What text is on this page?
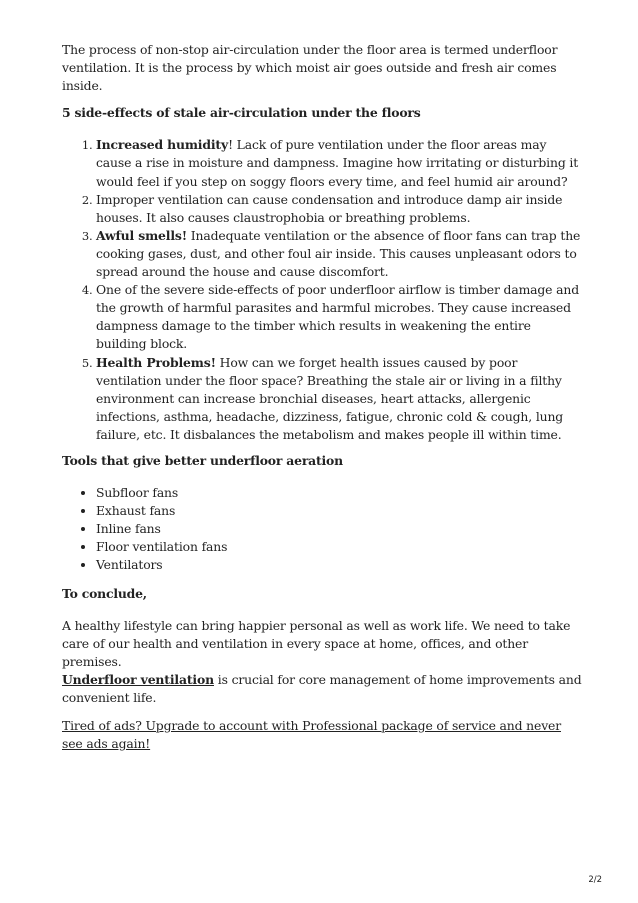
The process of non-stop air-circulation under the floor area is termed underfloor ventilation. It is the process by which moist air goes outside and fresh air comes inside.

5 side-effects of stale air-circulation under the floors
1. Increased humidity! Lack of pure ventilation under the floor areas may cause a rise in moisture and dampness. Imagine how irritating or disturbing it would feel if you step on soggy floors every time, and feel humid air around?
2. Improper ventilation can cause condensation and introduce damp air inside houses. It also causes claustrophobia or breathing problems.
3. Awful smells! Inadequate ventilation or the absence of floor fans can trap the cooking gases, dust, and other foul air inside. This causes unpleasant odors to spread around the house and cause discomfort.
4. One of the severe side-effects of poor underfloor airflow is timber damage and the growth of harmful parasites and harmful microbes. They cause increased dampness damage to the timber which results in weakening the entire building block.
5. Health Problems! How can we forget health issues caused by poor ventilation under the floor space? Breathing the stale air or living in a filthy environment can increase bronchial diseases, heart attacks, allergenic infections, asthma, headache, dizziness, fatigue, chronic cold & cough, lung failure, etc. It disbalances the metabolism and makes people ill within time.
Tools that give better underfloor aeration
• Subfloor fans
• Exhaust fans
• Inline fans
• Floor ventilation fans
• Ventilators
To conclude,

A healthy lifestyle can bring happier personal as well as work life. We need to take care of our health and ventilation in every space at home, offices, and other premises.
Underfloor ventilation is crucial for core management of home improvements and convenient life.

Tired of ads? Upgrade to account with Professional package of service and never see ads again!

2/2
